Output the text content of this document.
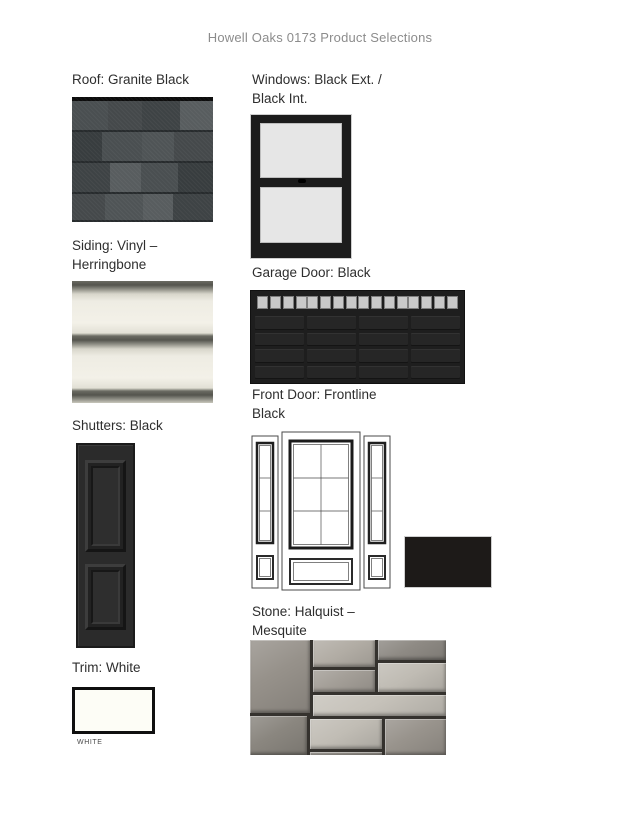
Howell Oaks 0173 Product Selections
Roof: Granite Black
Siding: Vinyl –
Herringbone
Shutters: Black
Trim: White
WHITE
Windows: Black Ext. /
Black Int.
Garage Door: Black
Front Door: Frontline
Black
Stone: Halquist –
Mesquite
